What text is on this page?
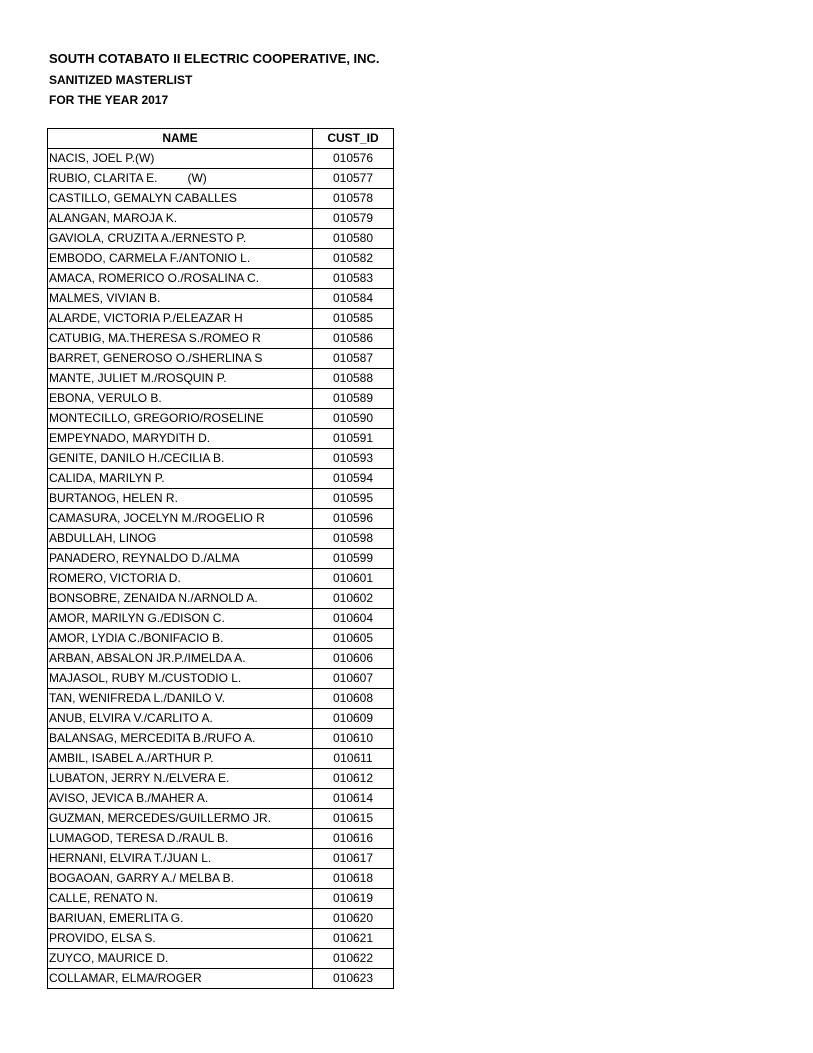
SOUTH COTABATO II ELECTRIC COOPERATIVE, INC.
SANITIZED MASTERLIST
FOR THE YEAR 2017
NAME	CUST_ID
NACIS, JOEL P.(W)	010576
RUBIO, CLARITA E.         (W)	010577
CASTILLO, GEMALYN CABALLES	010578
ALANGAN, MAROJA K.	010579
GAVIOLA, CRUZITA A./ERNESTO P.	010580
EMBODO, CARMELA F./ANTONIO L.	010582
AMACA, ROMERICO O./ROSALINA C.	010583
MALMES, VIVIAN B.	010584
ALARDE, VICTORIA P./ELEAZAR H	010585
CATUBIG, MA.THERESA S./ROMEO R	010586
BARRET, GENEROSO O./SHERLINA S	010587
MANTE, JULIET M./ROSQUIN P.	010588
EBONA, VERULO B.	010589
MONTECILLO, GREGORIO/ROSELINE	010590
EMPEYNADO, MARYDITH D.	010591
GENITE, DANILO H./CECILIA B.	010593
CALIDA, MARILYN P.	010594
BURTANOG, HELEN R.	010595
CAMASURA, JOCELYN M./ROGELIO R	010596
ABDULLAH, LINOG	010598
PANADERO, REYNALDO D./ALMA	010599
ROMERO, VICTORIA D.	010601
BONSOBRE, ZENAIDA N./ARNOLD A.	010602
AMOR, MARILYN G./EDISON C.	010604
AMOR, LYDIA C./BONIFACIO B.	010605
ARBAN, ABSALON JR.P./IMELDA A.	010606
MAJASOL, RUBY M./CUSTODIO L.	010607
TAN, WENIFREDA L./DANILO V.	010608
ANUB, ELVIRA V./CARLITO A.	010609
BALANSAG, MERCEDITA B./RUFO A.	010610
AMBIL, ISABEL A./ARTHUR P.	010611
LUBATON, JERRY N./ELVERA E.	010612
AVISO, JEVICA B./MAHER A.	010614
GUZMAN, MERCEDES/GUILLERMO JR.	010615
LUMAGOD, TERESA D./RAUL B.	010616
HERNANI, ELVIRA T./JUAN L.	010617
BOGAOAN, GARRY A./ MELBA B.	010618
CALLE, RENATO N.	010619
BARIUAN, EMERLITA G.	010620
PROVIDO, ELSA S.	010621
ZUYCO, MAURICE D.	010622
COLLAMAR, ELMA/ROGER	010623
